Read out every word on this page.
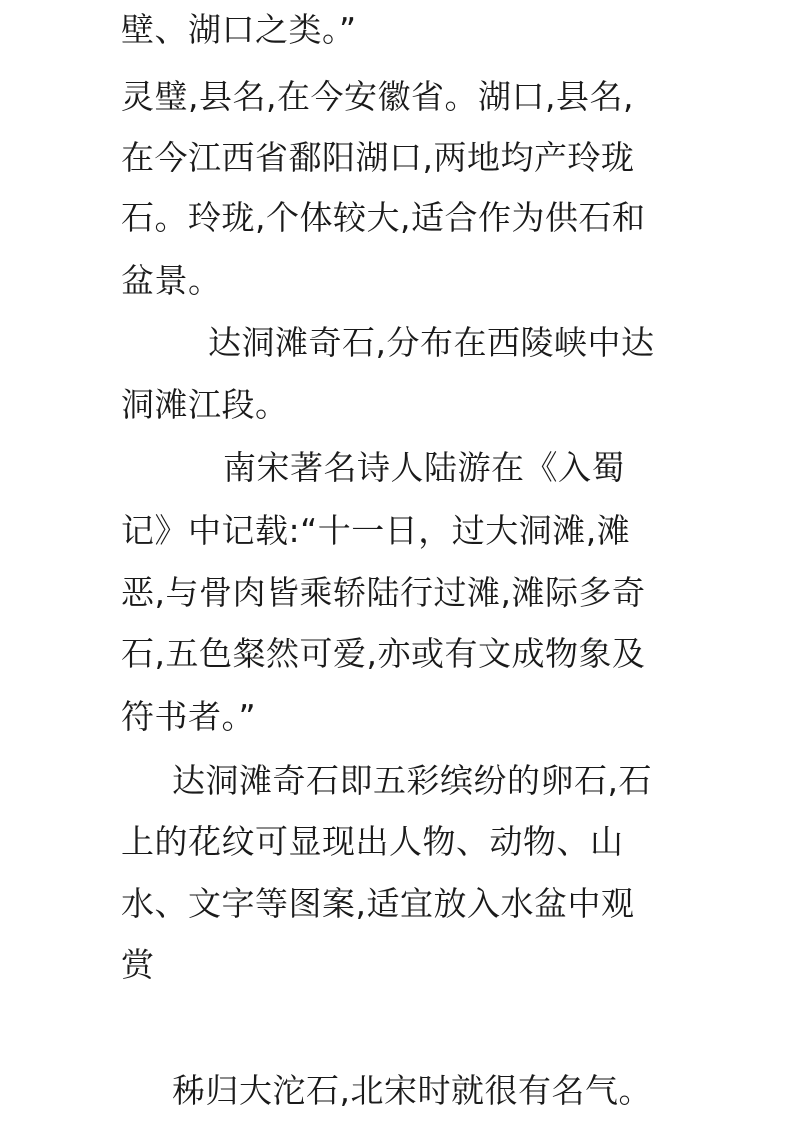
壁、湖口之类。”
灵璧,县名,在今安徽省。湖口,县名,
在今江西省鄱阳湖口,两地均产玲珑
石。玲珑,个体较大,适合作为供石和
盆景。
达洞滩奇石,分布在西陵峡中达
洞滩江段。
南宋著名诗人陆游在《入蜀
记》中记载:“十一日，过大洞滩,滩
恶,与骨肉皆乘轿陆行过滩,滩际多奇
石,五色粲然可爱,亦或有文成物象及
符书者。”
达洞滩奇石即五彩缤纷的卵石,石
上的花纹可显现出人物、动物、山
水、文字等图案,适宜放入水盆中观
赏
秭归大沱石,北宋时就很有名气。
